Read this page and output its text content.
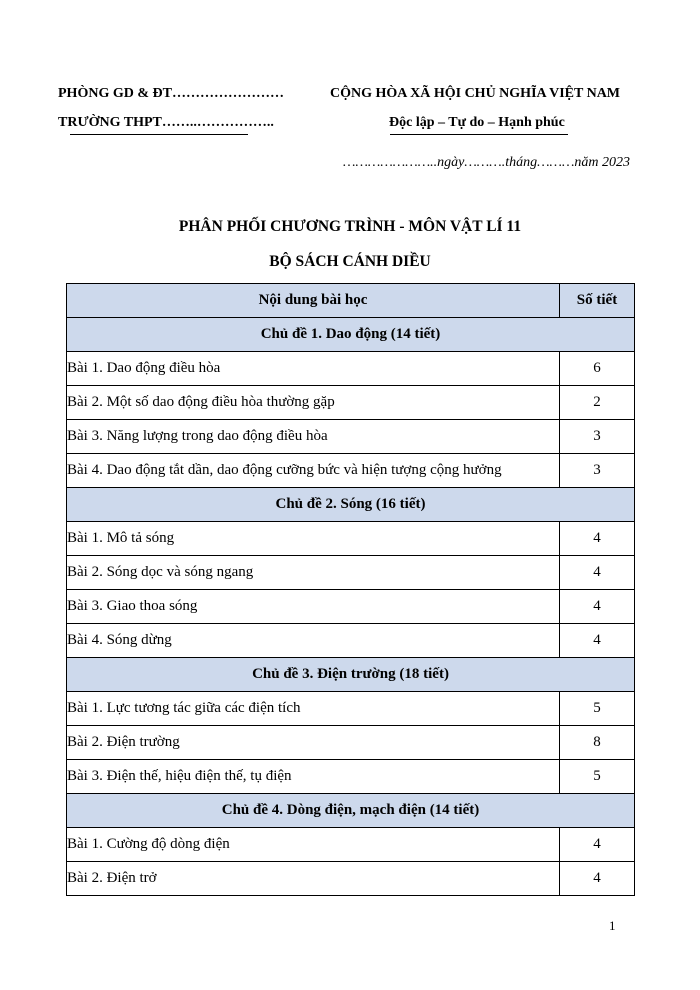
PHÒNG GD & ĐT……………………
TRƯỜNG THPT……..……………..
CỘNG HÒA XÃ HỘI CHỦ NGHĨA VIỆT NAM
Độc lập – Tự do – Hạnh phúc
…………………..ngày……….tháng………năm 2023
PHÂN PHỐI CHƯƠNG TRÌNH - MÔN VẬT LÍ 11
BỘ SÁCH CÁNH DIỀU
Nội dung bài học	Số tiết
Chủ đề 1. Dao động (14 tiết)	
Bài 1. Dao động điều hòa	6
Bài 2. Một số dao động điều hòa thường gặp	2
Bài 3. Năng lượng trong dao động điều hòa	3
Bài 4. Dao động tắt dần, dao động cưỡng bức và hiện tượng cộng hưởng	3
Chủ đề 2. Sóng (16 tiết)	
Bài 1. Mô tả sóng	4
Bài 2. Sóng dọc và sóng ngang	4
Bài 3. Giao thoa sóng	4
Bài 4. Sóng dừng	4
Chủ đề 3. Điện trường (18 tiết)	
Bài 1. Lực tương tác giữa các điện tích	5
Bài 2. Điện trường	8
Bài 3. Điện thế, hiệu điện thế, tụ điện	5
Chủ đề 4. Dòng điện, mạch điện (14 tiết)	
Bài 1. Cường độ dòng điện	4
Bài 2. Điện trở	4
1
